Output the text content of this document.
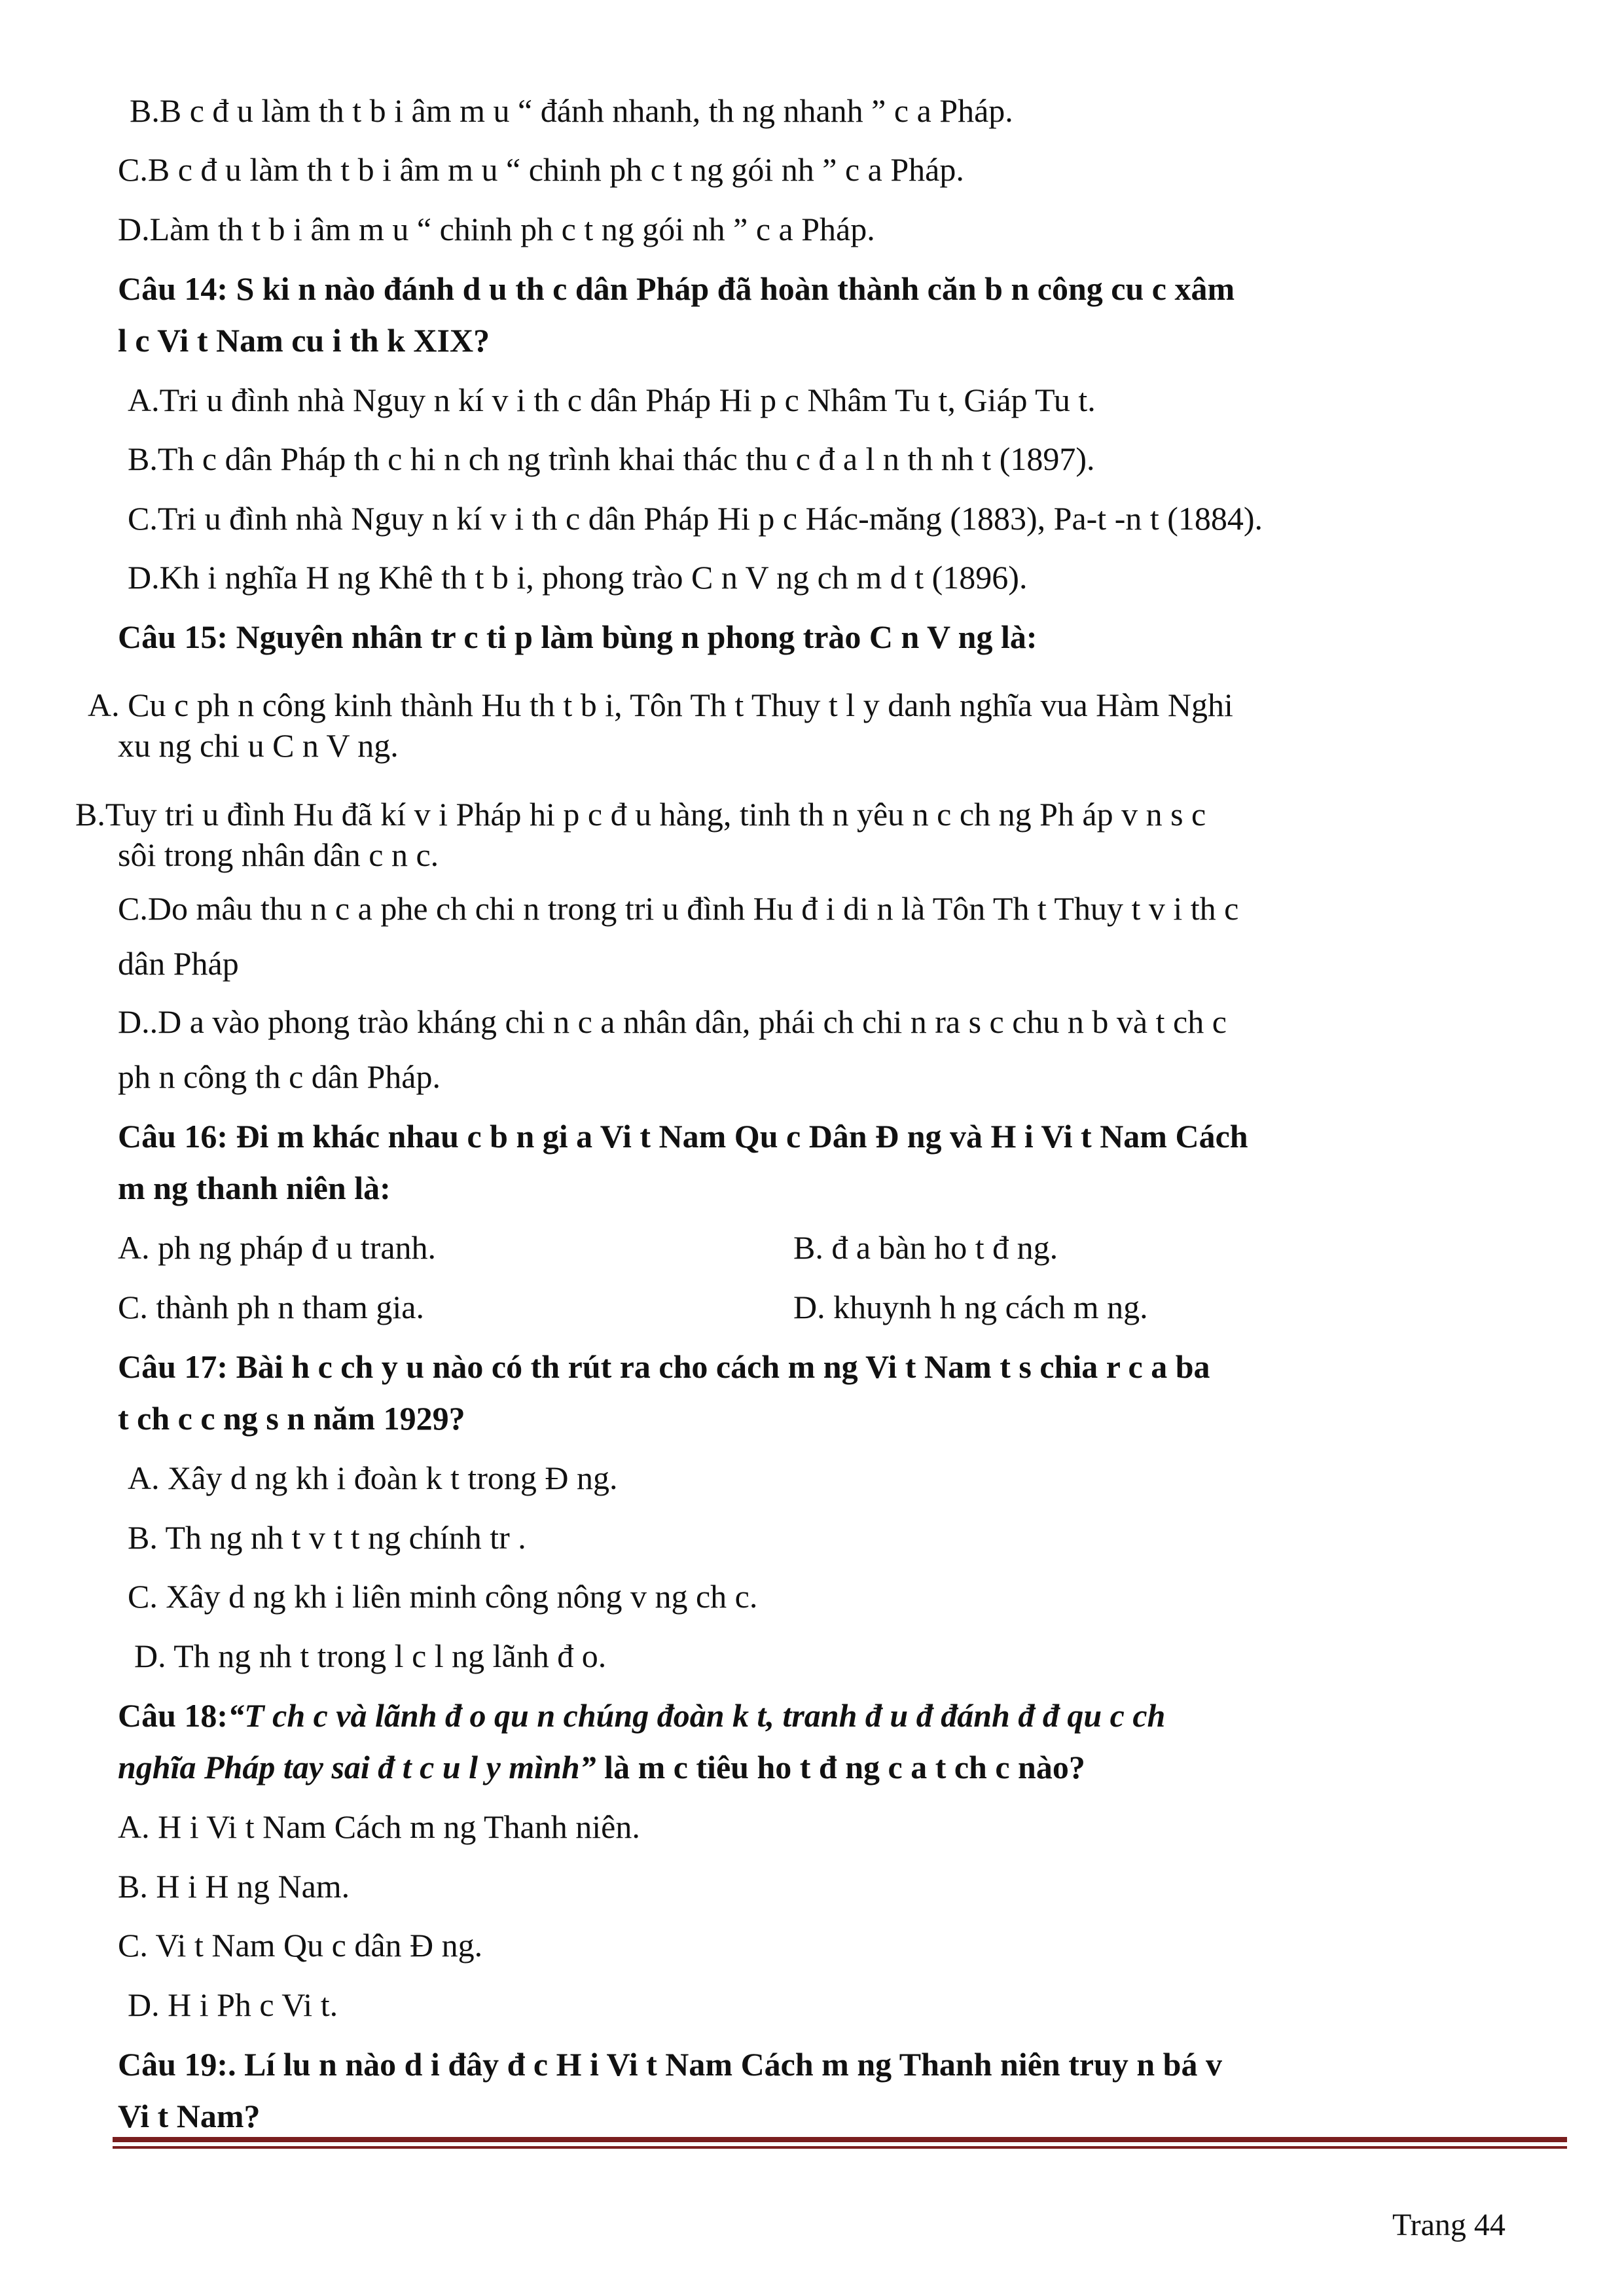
B.B c đ u làm th t b i âm m u “ đánh nhanh, th ng nhanh ” c a Pháp.
C.B c đ u làm th t b i âm m u “ chinh ph c t ng gói nh ” c a Pháp.
D.Làm th t b i âm m u “ chinh ph c t ng gói nh ” c a Pháp.
Câu 14: S ki n nào đánh d u th c dân Pháp đã hoàn thành căn b n công cu c xâm
l c Vi t Nam cu i th k XIX?
A.Tri u đình nhà Nguy n kí v i th c dân Pháp Hi p c Nhâm Tu t, Giáp Tu t.
B.Th c dân Pháp th c hi n ch ng trình khai thác thu c đ a l n th nh t (1897).
C.Tri u đình nhà Nguy n kí v i th c dân Pháp Hi p c Hác-măng (1883), Pa-t -n t (1884).
D.Kh i nghĩa H ng Khê th t b i, phong trào C n V ng ch m d t (1896).
Câu 15: Nguyên nhân tr c ti p làm bùng n phong trào C n V ng là:
A. Cu c ph n công kinh thành Hu th t b i, Tôn Th t Thuy t l y danh nghĩa vua Hàm Nghi
xu ng chi u C n V ng.
B.Tuy tri u đình Hu đã kí v i Pháp hi p c đ u hàng, tinh th n yêu n c ch ng Ph áp v n s c
sôi trong nhân dân c n c.
C.Do mâu thu n c a phe ch chi n trong tri u đình Hu đ i di n là Tôn Th t Thuy t v i th c
dân Pháp
D..D a vào phong trào kháng chi n c a nhân dân, phái ch chi n ra s c chu n b và t ch c
ph n công th c dân Pháp.
Câu 16: Đi m khác nhau c b n gi a Vi t Nam Qu c Dân Đ ng và H i Vi t Nam Cách
m ng thanh niên là:
A. ph ng pháp đ u tranh.	B. đ a bàn ho t đ ng.
C. thành ph n tham gia.	D. khuynh h ng cách m ng.
Câu 17: Bài h c ch y u nào có th rút ra cho cách m ng Vi t Nam t s chia r c a ba
t ch c c ng s n năm 1929?
A. Xây d ng kh i đoàn k t trong Đ ng.
B. Th ng nh t v t t ng chính tr .
C. Xây d ng kh i liên minh công nông v ng ch c.
D. Th ng nh t trong l c l ng lãnh đ o.
Câu 18:“T ch c và lãnh đ o qu n chúng đoàn k t, tranh đ u đ đánh đ đ qu c ch
nghĩa Pháp tay sai đ t c u l y mình” là m c tiêu ho t đ ng c a t ch c nào?
A. H i Vi t Nam Cách m ng Thanh niên.
B. H i H ng Nam.
C. Vi t Nam Qu c dân Đ ng.
D. H i Ph c Vi t.
Câu 19:. Lí lu n nào d i đây đ c H i Vi t Nam Cách m ng Thanh niên truy n bá v
Vi t Nam?
Trang 44
